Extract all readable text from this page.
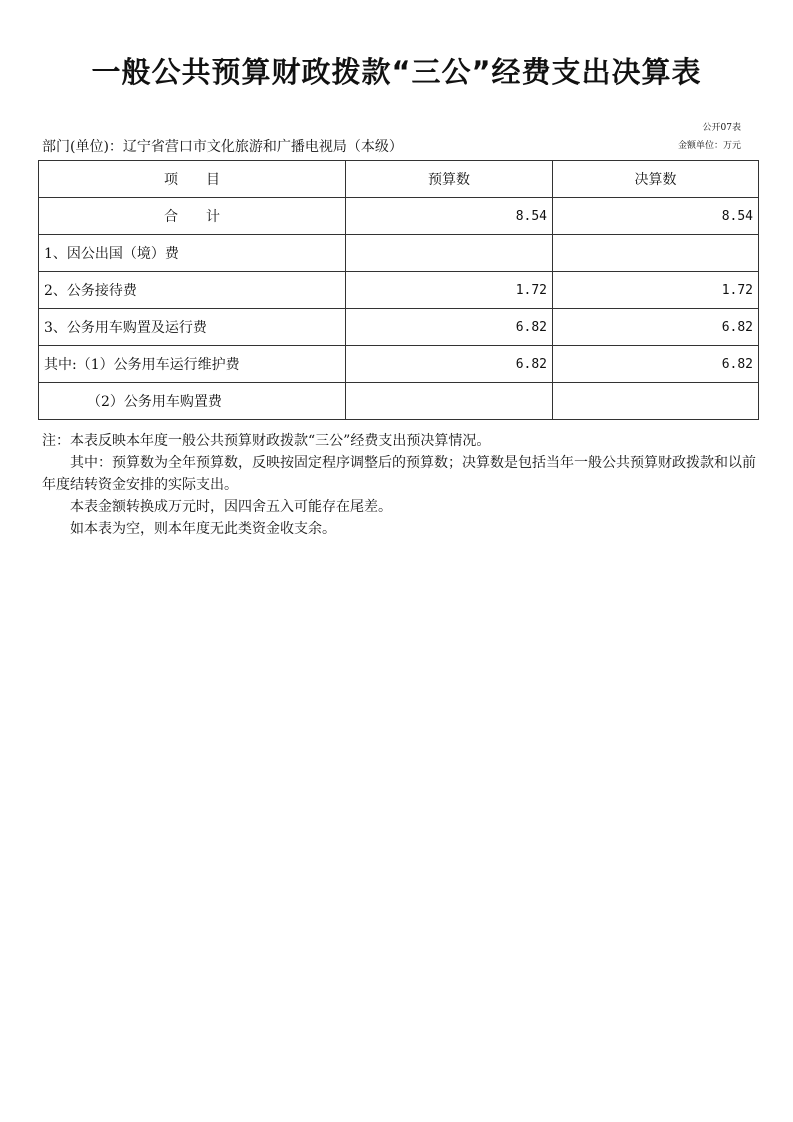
一般公共预算财政拨款“三公”经费支出决算表
公开07表
金额单位：万元
部门(单位)：辽宁省营口市文化旅游和广播电视局（本级）
项　　目	预算数	决算数
合　　计	8.54	8.54
1、因公出国（境）费		
2、公务接待费	1.72	1.72
3、公务用车购置及运行费	6.82	6.82
其中:（1）公务用车运行维护费	6.82	6.82
（2）公务用车购置费		

注：本表反映本年度一般公共预算财政拨款“三公”经费支出预决算情况。

其中：预算数为全年预算数，反映按固定程序调整后的预算数；决算数是包括当年一般公共预算财政拨款和以前年度结转资金安排的实际支出。

本表金额转换成万元时，因四舍五入可能存在尾差。

如本表为空，则本年度无此类资金收支余。
